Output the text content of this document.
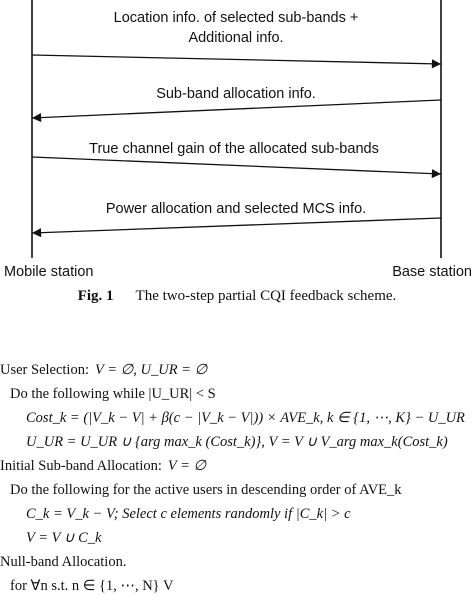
Location info. of selected sub-bands +
Additional info.
Sub-band allocation info.
True channel gain of the allocated sub-bands
Power allocation and selected MCS info.
Mobile station	Base station
Fig. 1 The two-step partial CQI feedback scheme.
User Selection: V = ∅, U_UR = ∅
Do the following while |U_UR| < S
Cost_k = (|V_k − V| + β(c − |V_k − V|)) × AVE_k, k ∈ {1, ⋯, K} − U_UR
U_UR = U_UR ∪ {arg max_k (Cost_k)}, V = V ∪ V_arg max_k(Cost_k)
Initial Sub-band Allocation: V = ∅
Do the following for the active users in descending order of AVE_k
C_k = V_k − V; Select c elements randomly if |C_k| > c
V = V ∪ C_k
Null-band Allocation.
for ∀n s.t. n ∈ {1, ⋯, N} V
